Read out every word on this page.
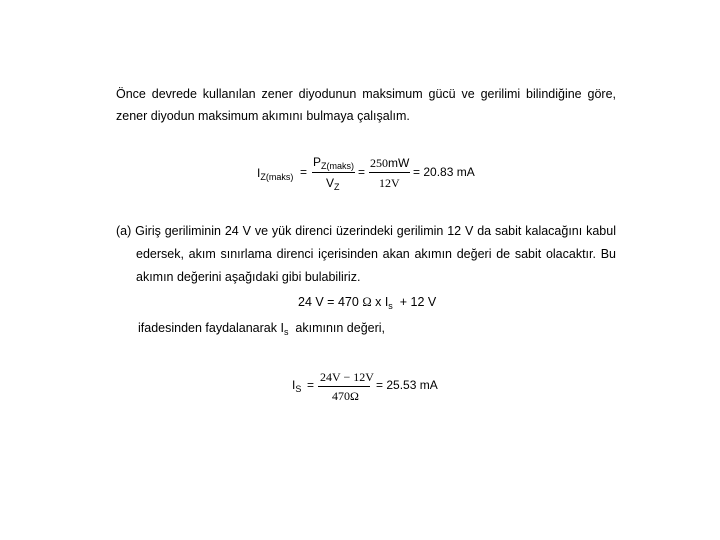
Önce devrede kullanılan zener diyodunun maksimum gücü ve gerilimi bilindiğine göre,
zener diyodun maksimum akımını bulmaya çalışalım.
$I_{Z(maks)}$ =
$P_{Z(maks)}$
$V_Z$
=
250mW
12V
= 20.83 mA
(a) Giriş geriliminin 24 V ve yük direnci üzerindeki gerilimin 12 V da sabit kalacağını kabul
edersek, akım sınırlama direnci içerisinden akan akımın değeri de sabit olacaktır. Bu
akımın değerini aşağıdaki gibi bulabiliriz.
24 V = 470 Ω x $I_s + 12$ V
ifadesinden faydalanarak $I_s$ akımının değeri,
$I_S$ =
24V − 12V
470Ω
= 25.53 mA
